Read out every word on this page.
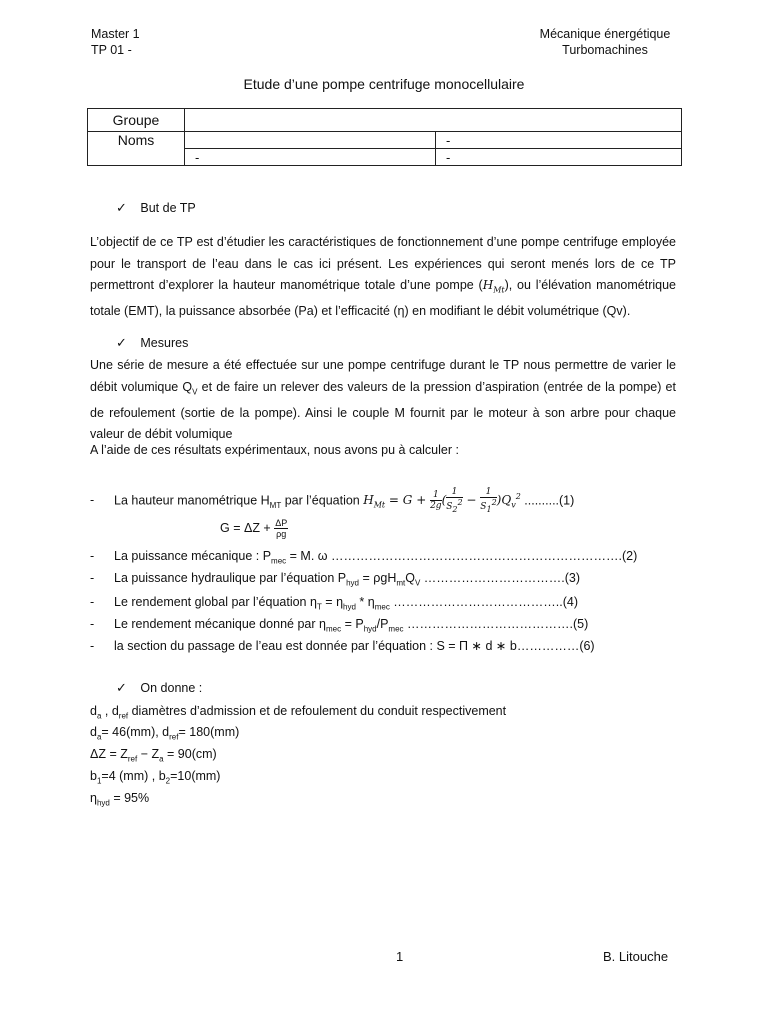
Master 1
TP 01 -
Mécanique énergétique
Turbomachines
Etude d’une pompe centrifuge monocellulaire
Groupe		
Noms		-
	-	-
✓ But de TP
L’objectif de ce TP est d’étudier les caractéristiques de fonctionnement d’une pompe centrifuge employée pour le transport de l’eau dans le cas ici présent. Les expériences qui seront menés lors de ce TP permettront d’explorer la hauteur manométrique totale d’une pompe $(H_{Mt})$, ou l’élévation manométrique totale (EMT), la puissance absorbée (Pa) et l’efficacité (η) en modifiant le débit volumétrique (Qv).
✓ Mesures
Une série de mesure a été effectuée sur une pompe centrifuge durant le TP nous permettre de varier le débit volumique $Q_V$ et de faire un relever des valeurs de la pression d’aspiration (entrée de la pompe) et de refoulement (sortie de la pompe). Ainsi le couple M fournit par le moteur à son arbre pour chaque valeur de débit volumique
A l’aide de ces résultats expérimentaux, nous avons pu à calculer :
- La hauteur manométrique $H_{MT}$ par l’équation $H_{Mt} = G + \frac{1}{2g}$ ( $\frac{1}{S_2^2} - \frac{1}{S_1^2} )Q_v^2$ ..........(1)
$G = \Delta Z + \frac{\Delta P}{\rho g}$
- La puissance mécanique : $P_{mec} = M$. ω …………………………………………………………….(2)
- La puissance hydraulique par l’équation $P_{hyd} = \rho gH_{mt}Q_V$ …………………………….(3)
- Le rendement global par l’équation $\eta_T = \eta_{hyd} * \eta_{mec}$ …………………………………..(4)
- Le rendement mécanique donné par $\eta_{mec} = P_{hyd}/P_{mec}$ ………………………………….(5)
- la section du passage de l’eau est donnée par l’équation : S = Π ∗ d ∗ b……………(6)
✓ On donne :
$d_a$ , $d_{ref}$ diamètres d’admission et de refoulement du conduit respectivement
$d_a= 46(mm)$, $d_{ref}= 180(mm)$
$\Delta Z = Z_{ref} - Z_a = 90(cm)$
$b_1=4$ (mm) , $b_2=10(mm)$
$\eta_{hyd} = 95\%$
1	B. Litouche
